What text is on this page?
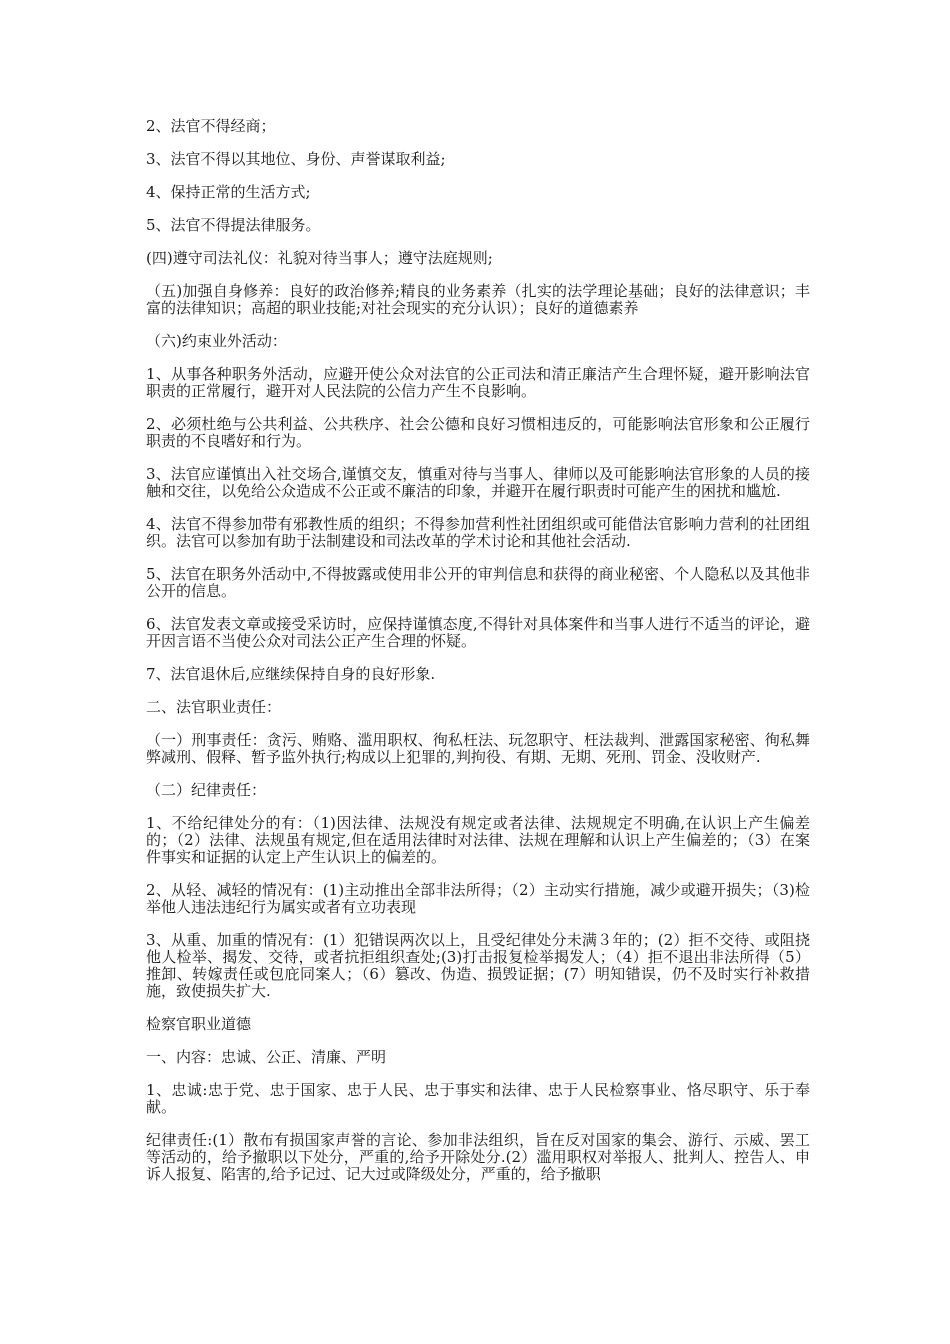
2、法官不得经商；

3、法官不得以其地位、身份、声誉谋取利益;

4、保持正常的生活方式;

5、法官不得提法律服务。

(四)遵守司法礼仪：礼貌对待当事人；遵守法庭规则;

（五)加强自身修养：良好的政治修养;精良的业务素养（扎实的法学理论基础；良好的法律意识；丰富的法律知识；高超的职业技能;对社会现实的充分认识）；良好的道德素养

（六)约束业外活动：

1、从事各种职务外活动，应避开使公众对法官的公正司法和清正廉洁产生合理怀疑，避开影响法官职责的正常履行，避开对人民法院的公信力产生不良影响。

2、必须杜绝与公共利益、公共秩序、社会公德和良好习惯相违反的，可能影响法官形象和公正履行职责的不良嗜好和行为。

3、法官应谨慎出入社交场合,谨慎交友，慎重对待与当事人、律师以及可能影响法官形象的人员的接触和交往，以免给公众造成不公正或不廉洁的印象，并避开在履行职责时可能产生的困扰和尴尬.

4、法官不得参加带有邪教性质的组织；不得参加营利性社团组织或可能借法官影响力营利的社团组织。法官可以参加有助于法制建设和司法改革的学术讨论和其他社会活动.

5、法官在职务外活动中,不得披露或使用非公开的审判信息和获得的商业秘密、个人隐私以及其他非公开的信息。

6、法官发表文章或接受采访时，应保持谨慎态度,不得针对具体案件和当事人进行不适当的评论，避开因言语不当使公众对司法公正产生合理的怀疑。

7、法官退休后,应继续保持自身的良好形象.

二、法官职业责任：

（一）刑事责任：贪污、贿赂、滥用职权、徇私枉法、玩忽职守、枉法裁判、泄露国家秘密、徇私舞弊减刑、假释、暂予监外执行;构成以上犯罪的,判拘役、有期、无期、死刑、罚金、没收财产.

（二）纪律责任：

1、不给纪律处分的有：（1)因法律、法规没有规定或者法律、法规规定不明确,在认识上产生偏差的；（2）法律、法规虽有规定,但在适用法律时对法律、法规在理解和认识上产生偏差的；（3）在案件事实和证据的认定上产生认识上的偏差的。

2、从轻、减轻的情况有：(1)主动推出全部非法所得；（2）主动实行措施，减少或避开损失；（3)检举他人违法违纪行为属实或者有立功表现

3、从重、加重的情况有：(1）犯错误两次以上，且受纪律处分未满３年的；(2）拒不交待、或阻挠他人检举、揭发、交待，或者抗拒组织查处;(3)打击报复检举揭发人；（4）拒不退出非法所得（5）推卸、转嫁责任或包庇同案人；（6）篡改、伪造、损毁证据；(7）明知错误，仍不及时实行补救措施，致使损失扩大.

检察官职业道德

一、内容：忠诚、公正、清廉、严明

1、忠诚:忠于党、忠于国家、忠于人民、忠于事实和法律、忠于人民检察事业、恪尽职守、乐于奉献。

纪律责任:(1）散布有损国家声誉的言论、参加非法组织，旨在反对国家的集会、游行、示威、罢工等活动的，给予撤职以下处分，严重的,给予开除处分.(2）滥用职权对举报人、批判人、控告人、申诉人报复、陷害的,给予记过、记大过或降级处分，严重的，给予撤职
